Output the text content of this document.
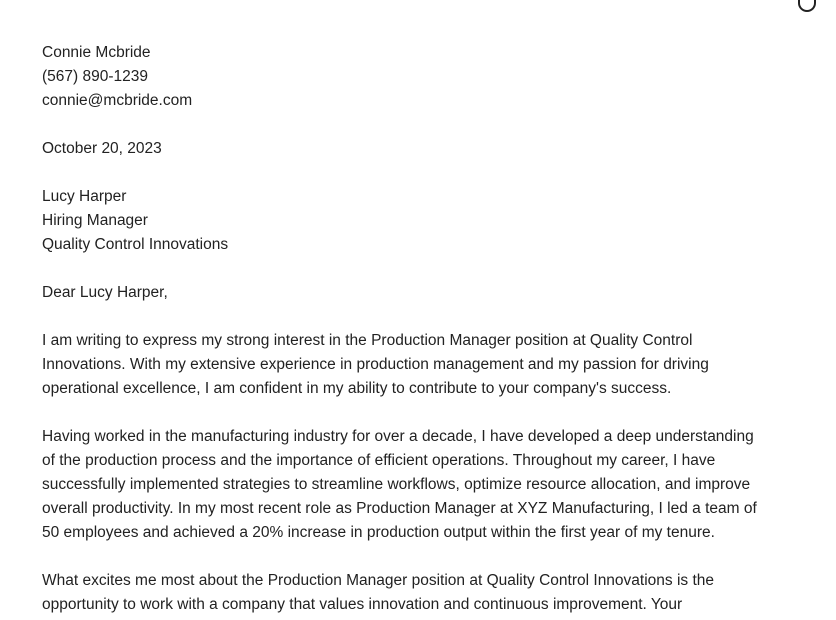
Connie Mcbride
(567) 890-1239
connie@mcbride.com
October 20, 2023
Lucy Harper
Hiring Manager
Quality Control Innovations
Dear Lucy Harper,
I am writing to express my strong interest in the Production Manager position at Quality Control
Innovations. With my extensive experience in production management and my passion for driving
operational excellence, I am confident in my ability to contribute to your company's success.
Having worked in the manufacturing industry for over a decade, I have developed a deep understanding
of the production process and the importance of efficient operations. Throughout my career, I have
successfully implemented strategies to streamline workflows, optimize resource allocation, and improve
overall productivity. In my most recent role as Production Manager at XYZ Manufacturing, I led a team of
50 employees and achieved a 20% increase in production output within the first year of my tenure.
What excites me most about the Production Manager position at Quality Control Innovations is the
opportunity to work with a company that values innovation and continuous improvement. Your
